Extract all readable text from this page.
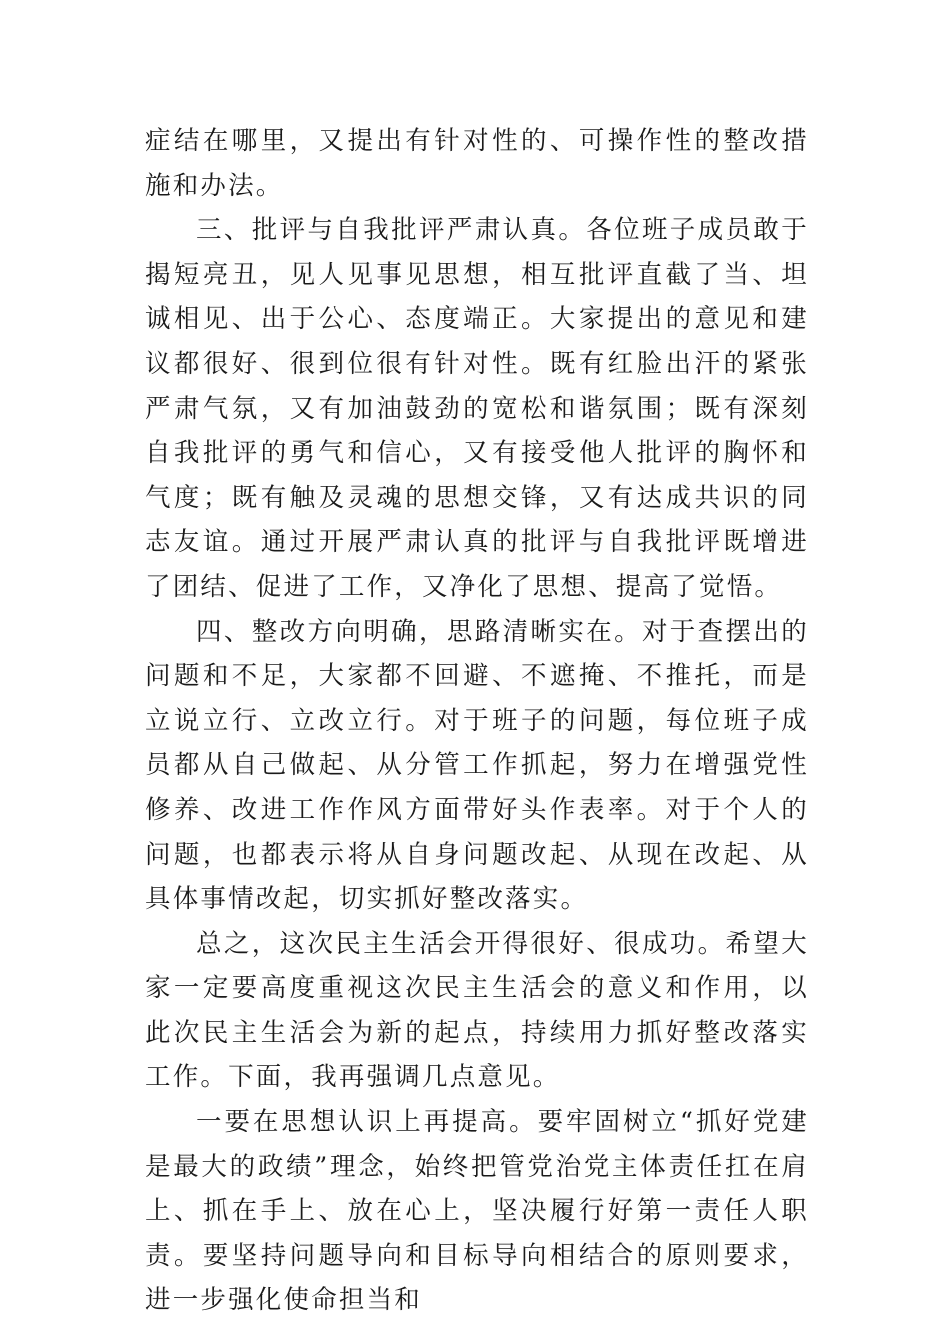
症结在哪里，又提出有针对性的、可操作性的整改措施和办法。

三、批评与自我批评严肃认真。各位班子成员敢于揭短亮丑，见人见事见思想，相互批评直截了当、坦诚相见、出于公心、态度端正。大家提出的意见和建议都很好、很到位很有针对性。既有红脸出汗的紧张严肃气氛，又有加油鼓劲的宽松和谐氛围；既有深刻自我批评的勇气和信心，又有接受他人批评的胸怀和气度；既有触及灵魂的思想交锋，又有达成共识的同志友谊。通过开展严肃认真的批评与自我批评既增进了团结、促进了工作，又净化了思想、提高了觉悟。

四、整改方向明确，思路清晰实在。对于查摆出的问题和不足，大家都不回避、不遮掩、不推托，而是立说立行、立改立行。对于班子的问题，每位班子成员都从自己做起、从分管工作抓起，努力在增强党性修养、改进工作作风方面带好头作表率。对于个人的问题，也都表示将从自身问题改起、从现在改起、从具体事情改起，切实抓好整改落实。

总之，这次民主生活会开得很好、很成功。希望大家一定要高度重视这次民主生活会的意义和作用，以此次民主生活会为新的起点，持续用力抓好整改落实工作。下面，我再强调几点意见。

一要在思想认识上再提高。要牢固树立“抓好党建是最大的政绩”理念，始终把管党治党主体责任扛在肩上、抓在手上、放在心上，坚决履行好第一责任人职责。要坚持问题导向和目标导向相结合的原则要求，进一步强化使命担当和
